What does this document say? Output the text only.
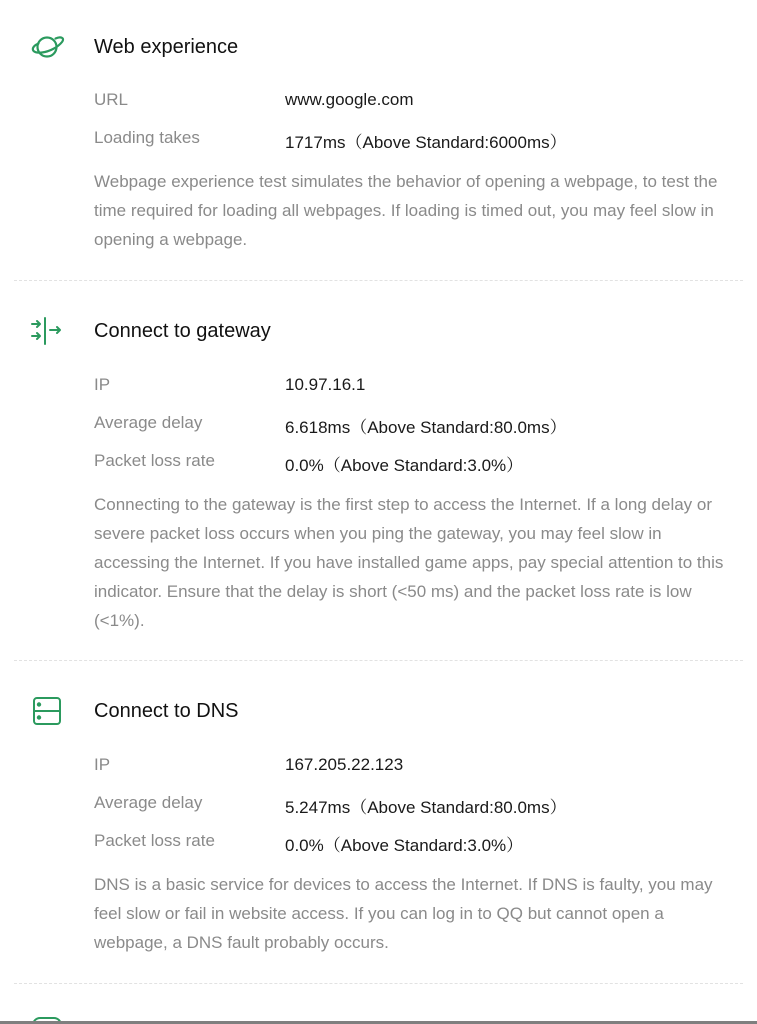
Web experience
URL	www.google.com
Loading takes	1717ms（Above Standard:6000ms）

Webpage experience test simulates the behavior of opening a webpage, to test the time required for loading all webpages. If loading is timed out, you may feel slow in opening a webpage.

Connect to gateway
IP	10.97.16.1
Average delay	6.618ms（Above Standard:80.0ms）
Packet loss rate	0.0%（Above Standard:3.0%）

Connecting to the gateway is the first step to access the Internet. If a long delay or severe packet loss occurs when you ping the gateway, you may feel slow in accessing the Internet. If you have installed game apps, pay special attention to this indicator. Ensure that the delay is short (<50 ms) and the packet loss rate is low (<1%).

Connect to DNS
IP	167.205.22.123
Average delay	5.247ms（Above Standard:80.0ms）
Packet loss rate	0.0%（Above Standard:3.0%）

DNS is a basic service for devices to access the Internet. If DNS is faulty, you may feel slow or fail in website access. If you can log in to QQ but cannot open a webpage, a DNS fault probably occurs.
